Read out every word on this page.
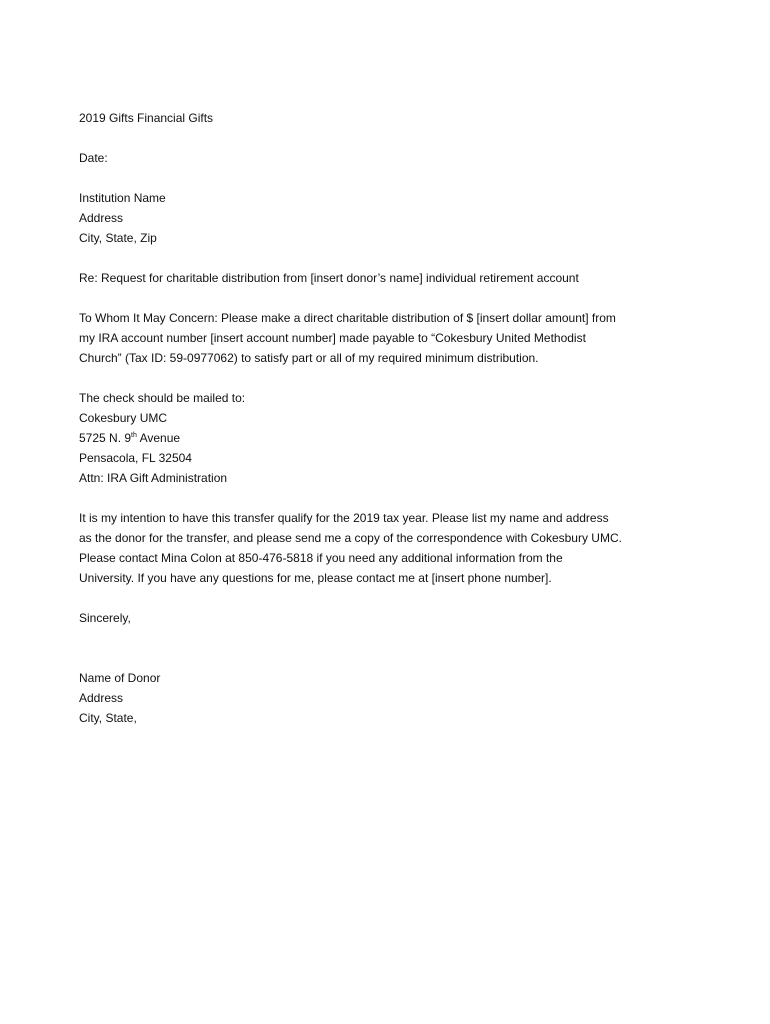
2019 Gifts Financial Gifts
Date:
Institution Name
Address
City, State, Zip
Re: Request for charitable distribution from [insert donor’s name] individual retirement account
To Whom It May Concern: Please make a direct charitable distribution of $ [insert dollar amount] from
my IRA account number [insert account number] made payable to “Cokesbury United Methodist
Church” (Tax ID: 59-0977062) to satisfy part or all of my required minimum distribution.
The check should be mailed to:
Cokesbury UMC
5725 N. 9th Avenue
Pensacola, FL 32504
Attn: IRA Gift Administration
It is my intention to have this transfer qualify for the 2019 tax year. Please list my name and address
as the donor for the transfer, and please send me a copy of the correspondence with Cokesbury UMC.
Please contact Mina Colon at 850-476-5818 if you need any additional information from the
University. If you have any questions for me, please contact me at [insert phone number].
Sincerely,
Name of Donor
Address
City, State,
